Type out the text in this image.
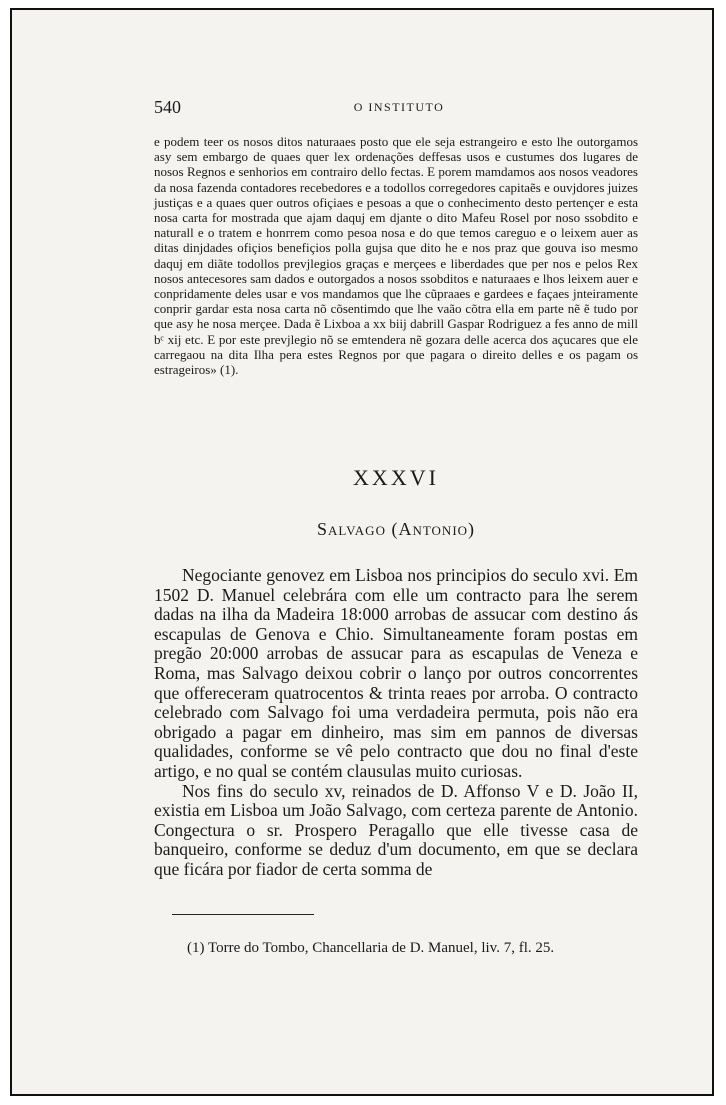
540	O INSTITUTO

e podem teer os nosos ditos naturaaes posto que ele seja estrangeiro e esto lhe outorgamos asy sem embargo de quaes quer lex ordenações deffesas usos e custumes dos lugares de nosos Regnos e senhorios em contrairo dello fectas. E porem mamdamos aos nosos veadores da nosa fazenda contadores recebedores e a todollos corregedores capitaẽs e ouvjdores juizes justiças e a quaes quer outros ofiçiaes e pesoas a que o conhecimento desto pertençer e esta nosa carta for mostrada que ajam daquj em djante o dito Mafeu Rosel por noso ssobdito e naturall e o tratem e honrrem como pesoa nosa e do que temos careguo e o leixem auer as ditas dinjdades ofiçios benefiçios polla gujsa que dito he e nos praz que gouva iso mesmo daquj em diãte todollos prevjlegios graças e merçees e liberdades que per nos e pelos Rex nosos antecesores sam dados e outorgados a nosos ssobditos e naturaaes e lhos leixem auer e conpridamente deles usar e vos mandamos que lhe cũpraaes e gardees e façaes jnteiramente conprir gardar esta nosa carta nõ cõsentimdo que lhe vaão cõtra ella em parte nẽ ẽ tudo por que asy he nosa merçee. Dada ẽ Lixboa a xx biij dabrill Gaspar Rodriguez a fes anno de mill bᶜ xij etc. E por este prevjlegio nõ se emtendera nẽ gozara delle acerca dos açucares que ele carregaou na dita Ilha pera estes Regnos por que pagara o direito delles e os pagam os estrageiros» (1).

XXXVI
Salvago (Antonio)

Negociante genovez em Lisboa nos principios do seculo xvi. Em 1502 D. Manuel celebrára com elle um contracto para lhe serem dadas na ilha da Madeira 18:000 arrobas de assucar com destino ás escapulas de Genova e Chio. Simultaneamente foram postas em pregão 20:000 arrobas de assucar para as escapulas de Veneza e Roma, mas Salvago deixou cobrir o lanço por outros concorrentes que offereceram quatrocentos & trinta reaes por arroba. O contracto celebrado com Salvago foi uma verdadeira permuta, pois não era obrigado a pagar em dinheiro, mas sim em pannos de diversas qualidades, conforme se vê pelo contracto que dou no final d'este artigo, e no qual se contém clausulas muito curiosas.

Nos fins do seculo xv, reinados de D. Affonso V e D. João II, existia em Lisboa um João Salvago, com certeza parente de Antonio. Congectura o sr. Prospero Peragallo que elle tivesse casa de banqueiro, conforme se deduz d'um documento, em que se declara que ficára por fiador de certa somma de

(1) Torre do Tombo, Chancellaria de D. Manuel, liv. 7, fl. 25.
